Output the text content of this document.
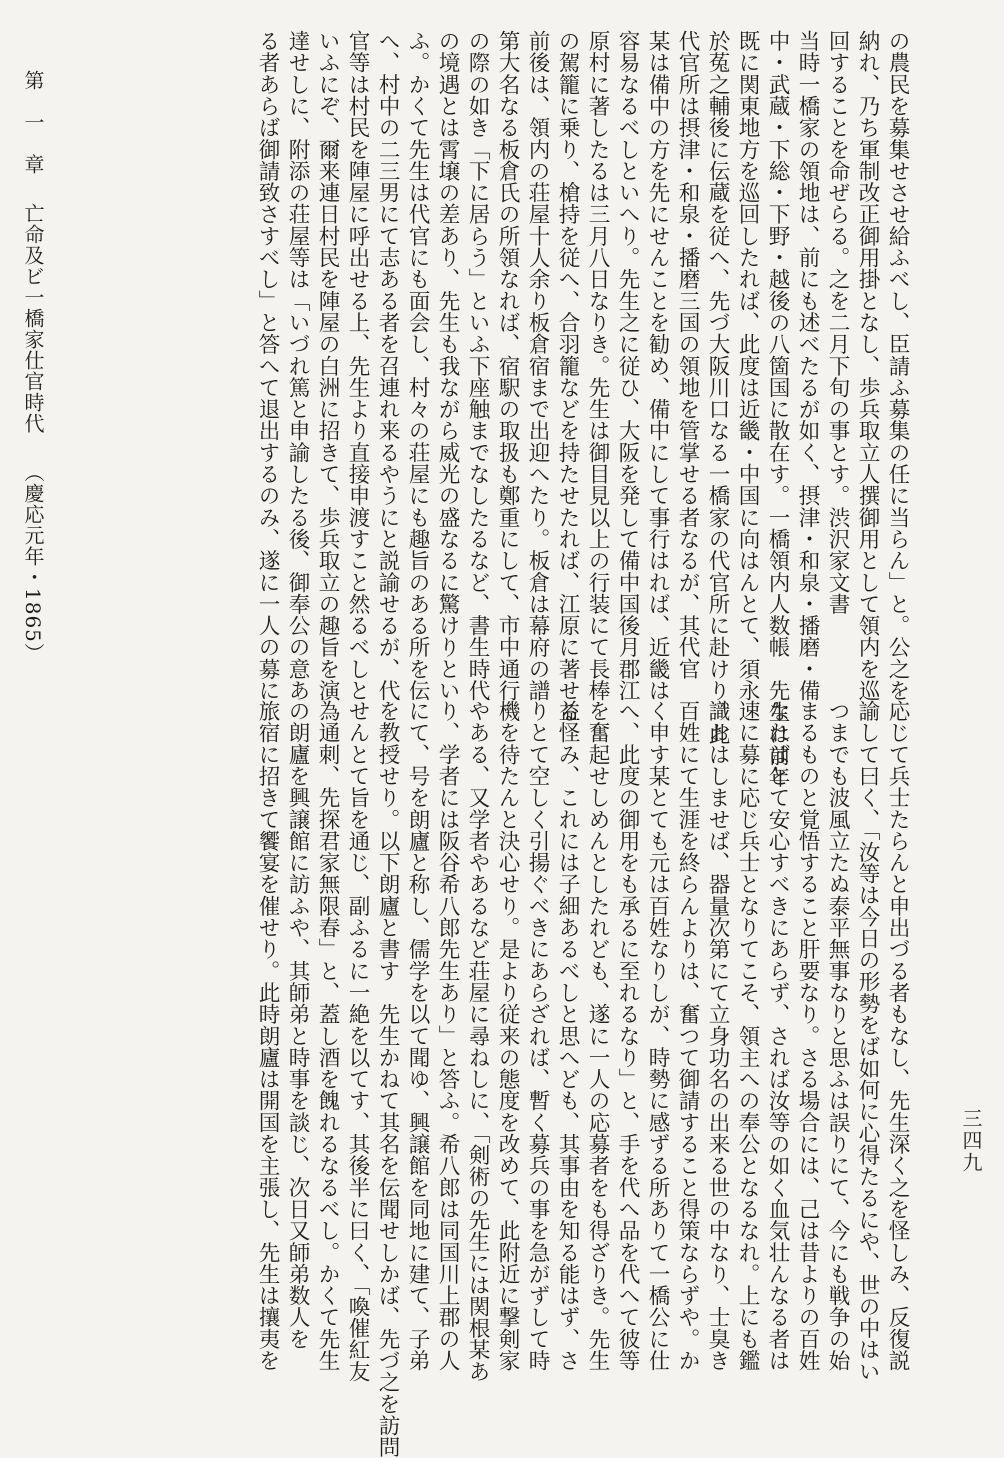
第　一　章亡命及ビ一橋家仕官時代（慶応元年・1865）	の農民を募集せさせ給ふべし、臣請ふ募集の任に当らん」と。公之を
納れ、乃ち軍制改正御用掛となし、歩兵取立人撰御用として領内を巡
回することを命ぜらる。之を二月下旬の事とす。渋沢家文書
当時一橋家の領地は、前にも述べたるが如く、摂津・和泉・播磨・備
中・武蔵・下総・下野・越後の八箇国に散在す。一橋領内人数帳　先生は前年
既に関東地方を巡回したれば、此度は近畿・中国に向はんとて、須永
於菟之輔後に伝蔵を従へ、先づ大阪川口なる一橋家の代官所に赴けり。此
代官所は摂津・和泉・播磨三国の領地を管掌せる者なるが、其代官
某は備中の方を先にせんことを勧め、備中にして事行はれば、近畿は
容易なるべしといへり。先生之に従ひ、大阪を発して備中国後月郡江
原村に著したるは三月八日なりき。先生は御目見以上の行装にて長棒
の駕籠に乗り、槍持を従へ、合羽籠などを持たせたれば、江原に著せる
前後は、領内の荘屋十人余り板倉宿まで出迎へたり。板倉は幕府の譜
第大名なる板倉氏の所領なれば、宿駅の取扱も鄭重にして、市中通行
の際の如き「下に居らう」といふ下座触までなしたるなど、書生時代
の境遇とは霄壌の差あり、先生も我ながら威光の盛なるに驚けりとい
ふ。かくて先生は代官にも面会し、村々の荘屋にも趣旨のある所を伝
へ、村中の二三男にて志ある者を召連れ来るやうにと説諭せるが、代
官等は村民を陣屋に呼出せる上、先生より直接申渡すこと然るべしと
いふにぞ、爾来連日村民を陣屋の白洲に招きて、歩兵取立の趣旨を演
達せしに、附添の荘屋等は「いづれ篤と申諭したる後、御奉公の意あ
る者あらば御請致さすべし」と答へて退出するのみ、遂に一人の募に
応じて兵士たらんと申出づる者もなし、先生深く之を怪しみ、反復説
諭して曰く、「汝等は今日の形勢をば如何に心得たるにや、世の中はい
つまでも波風立たぬ泰平無事なりと思ふは誤りにて、今にも戦争の始
まるものと覚悟すること肝要なり。さる場合には、己は昔よりの百姓
なればとて安心すべきにあらず、されば汝等の如く血気壮んなる者は
速に募に応じ兵士となりてこそ、領主への奉公となるなれ。上にも鑑
識おはしませば、器量次第にて立身功名の出来る世の中なり、士臭き
百姓にて生涯を終らんよりは、奮つて御請すること得策ならずや。か
く申す某とても元は百姓なりしが、時勢に感ずる所ありて一橋公に仕
へ、此度の御用をも承るに至れるなり」と、手を代へ品を代へて彼等
を奮起せしめんとしたれども、遂に一人の応募者をも得ざりき。先生
益怪み、これには子細あるべしと思へども、其事由を知る能はず、さ
りとて空しく引揚ぐべきにあらざれば、暫く募兵の事を急がずして時
機を待たんと決心せり。是より従来の態度を改めて、此附近に撃剣家
やある、又学者やあるなど荘屋に尋ねしに、「剣術の先生には関根某あ
り、学者には阪谷希八郎先生あり」と答ふ。希八郎は同国川上郡の人
にて、号を朗廬と称し、儒学を以て聞ゆ、興譲館を同地に建て、子弟
を教授せり。以下朗廬と書す　先生かねて其名を伝聞せしかば、先づ之を訪問
せんとて旨を通じ、副ふるに一絶を以てす、其後半に曰く、「喚催紅友
為通刺、先探君家無限春」と、蓋し酒を餽れるなるべし。かくて先生
の朗廬を興譲館に訪ふや、其師弟と時事を談じ、次日又師弟数人を
旅宿に招きて饗宴を催せり。此時朗廬は開国を主張し、先生は攘夷を	三四九
